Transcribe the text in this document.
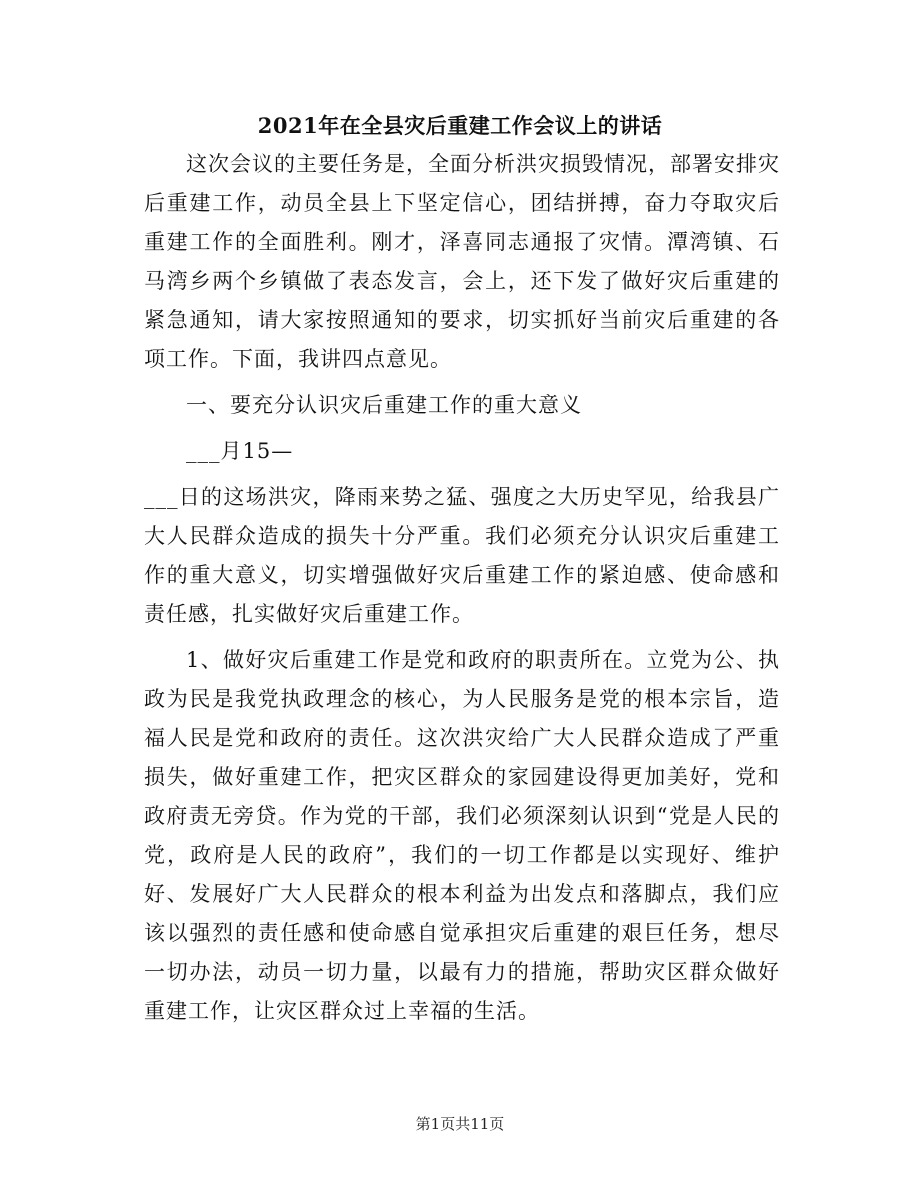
2021年在全县灾后重建工作会议上的讲话

这次会议的主要任务是，全面分析洪灾损毁情况，部署安排灾后重建工作，动员全县上下坚定信心，团结拼搏，奋力夺取灾后重建工作的全面胜利。刚才，泽喜同志通报了灾情。潭湾镇、石马湾乡两个乡镇做了表态发言，会上，还下发了做好灾后重建的紧急通知，请大家按照通知的要求，切实抓好当前灾后重建的各项工作。下面，我讲四点意见。

一、要充分认识灾后重建工作的重大意义

___月15—

___日的这场洪灾，降雨来势之猛、强度之大历史罕见，给我县广大人民群众造成的损失十分严重。我们必须充分认识灾后重建工作的重大意义，切实增强做好灾后重建工作的紧迫感、使命感和责任感，扎实做好灾后重建工作。

1、做好灾后重建工作是党和政府的职责所在。立党为公、执政为民是我党执政理念的核心，为人民服务是党的根本宗旨，造福人民是党和政府的责任。这次洪灾给广大人民群众造成了严重损失，做好重建工作，把灾区群众的家园建设得更加美好，党和政府责无旁贷。作为党的干部，我们必须深刻认识到“党是人民的党，政府是人民的政府”，我们的一切工作都是以实现好、维护好、发展好广大人民群众的根本利益为出发点和落脚点，我们应该以强烈的责任感和使命感自觉承担灾后重建的艰巨任务，想尽一切办法，动员一切力量，以最有力的措施，帮助灾区群众做好重建工作，让灾区群众过上幸福的生活。

第1页共11页
